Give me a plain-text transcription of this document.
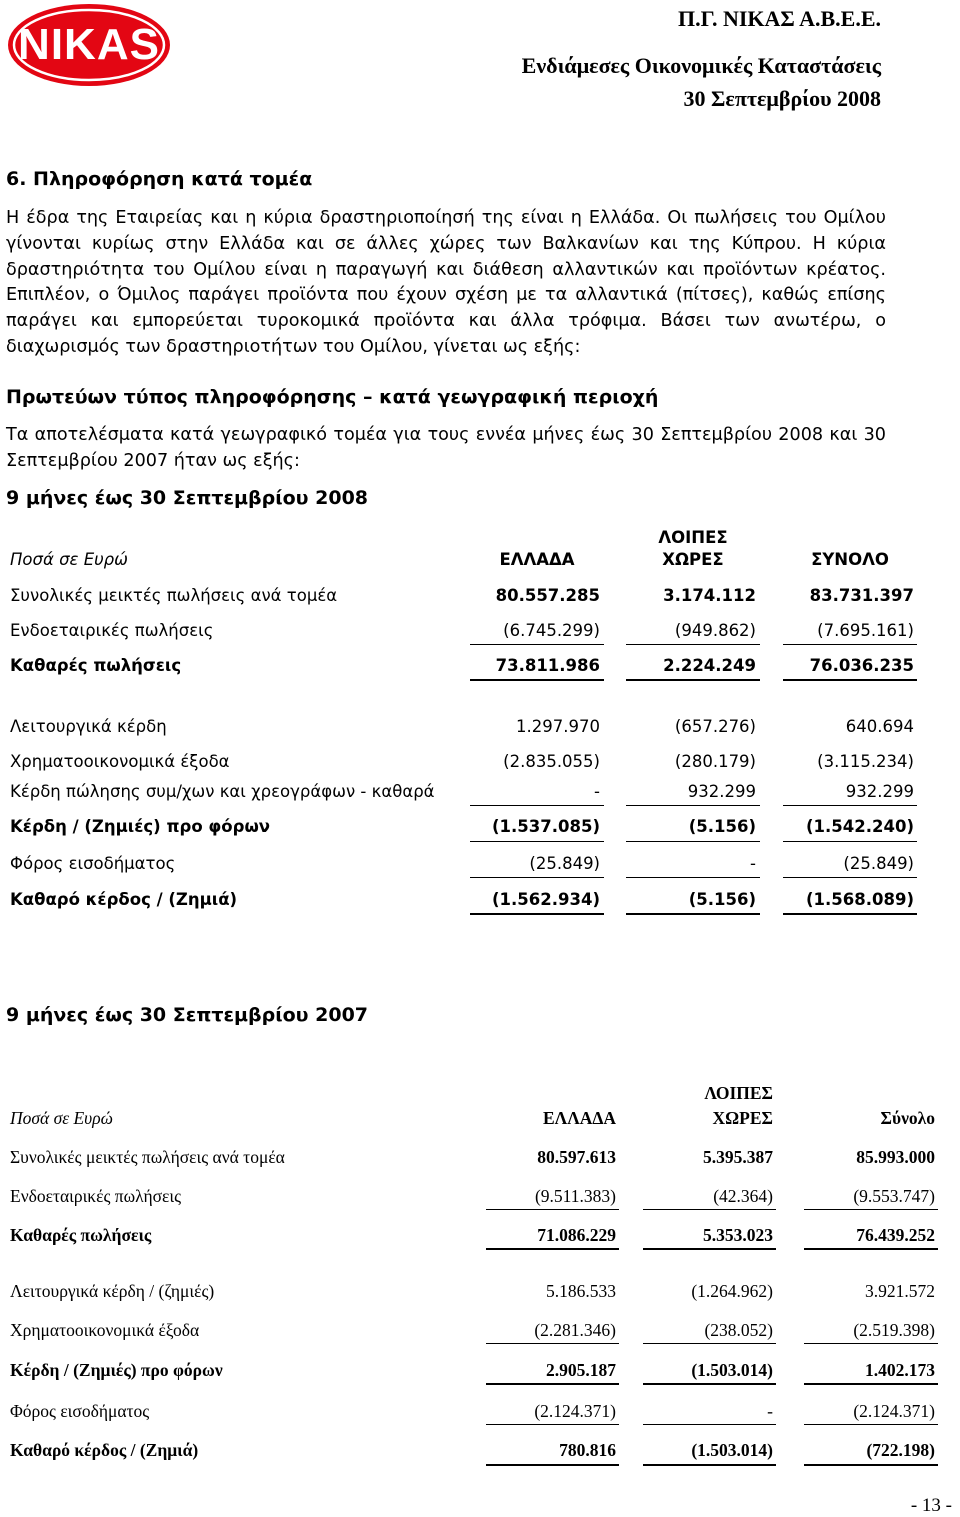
NIKAS
Π.Γ. ΝΙΚΑΣ Α.Β.Ε.Ε.
Ενδιάμεσες Οικονομικές Καταστάσεις
30 Σεπτεμβρίου 2008
6. Πληροφόρηση κατά τομέα
Η έδρα της Εταιρείας και η κύρια δραστηριοποίησή της είναι η Ελλάδα. Οι πωλήσεις του Ομίλου γίνονται κυρίως στην Ελλάδα και σε άλλες χώρες των Βαλκανίων και της Κύπρου. Η κύρια δραστηριότητα του Ομίλου είναι η παραγωγή και διάθεση αλλαντικών και προϊόντων κρέατος. Επιπλέον, ο Όμιλος παράγει προϊόντα που έχουν σχέση με τα αλλαντικά (πίτσες), καθώς επίσης παράγει και εμπορεύεται τυροκομικά προϊόντα και άλλα τρόφιμα. Βάσει των ανωτέρω, ο διαχωρισμός των δραστηριοτήτων του Ομίλου, γίνεται ως εξής:
Πρωτεύων τύπος πληροφόρησης – κατά γεωγραφική περιοχή
Τα αποτελέσματα κατά γεωγραφικό τομέα για τους εννέα μήνες έως 30 Σεπτεμβρίου 2008 και 30 Σεπτεμβρίου 2007 ήταν ως εξής:
9 μήνες έως 30 Σεπτεμβρίου 2008
Ποσά σε Ευρώ	ΕΛΛΑΔΑ
ΛΟΙΠΕΣ
ΧΩΡΕΣ	ΣΥΝΟΛΟ
Συνολικές μεικτές πωλήσεις ανά τομέα	80.557.285	3.174.112	83.731.397
Ενδοεταιρικές πωλήσεις	(6.745.299)	(949.862)	(7.695.161)
Καθαρές πωλήσεις	73.811.986	2.224.249	76.036.235
Λειτουργικά κέρδη	1.297.970	(657.276)	640.694
Χρηματοοικονομικά έξοδα	(2.835.055)	(280.179)	(3.115.234)
Κέρδη πώλησης συμ/χων και χρεογράφων - καθαρά	-	932.299	932.299
Κέρδη / (Ζημιές) προ φόρων	(1.537.085)	(5.156)	(1.542.240)
Φόρος εισοδήματος	(25.849)	-	(25.849)
Καθαρό κέρδος / (Ζημιά)	(1.562.934)	(5.156)	(1.568.089)
9 μήνες έως 30 Σεπτεμβρίου 2007
Ποσά σε Ευρώ	ΕΛΛΑΔΑ
ΛΟΙΠΕΣ
ΧΩΡΕΣ	Σύνολο
Συνολικές μεικτές πωλήσεις ανά τομέα	80.597.613	5.395.387	85.993.000
Ενδοεταιρικές πωλήσεις	(9.511.383)	(42.364)	(9.553.747)
Καθαρές πωλήσεις	71.086.229	5.353.023	76.439.252
Λειτουργικά κέρδη / (ζημιές)	5.186.533	(1.264.962)	3.921.572
Χρηματοοικονομικά έξοδα	(2.281.346)	(238.052)	(2.519.398)
Κέρδη / (Ζημιές) προ φόρων	2.905.187	(1.503.014)	1.402.173
Φόρος εισοδήματος	(2.124.371)	-	(2.124.371)
Καθαρό κέρδος / (Ζημιά)	780.816	(1.503.014)	(722.198)
- 13 -
